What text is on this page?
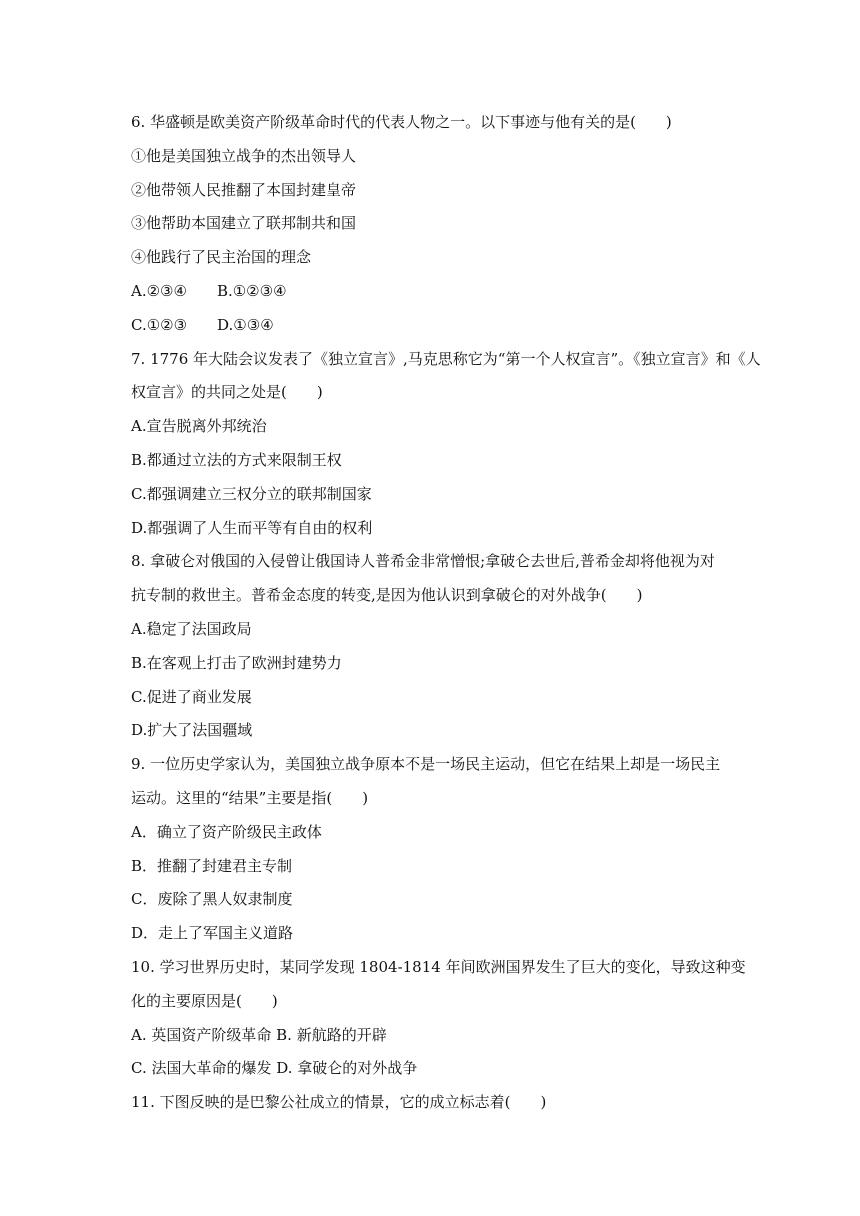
6. 华盛顿是欧美资产阶级革命时代的代表人物之一。以下事迹与他有关的是(　　)
①他是美国独立战争的杰出领导人
②他带领人民推翻了本国封建皇帝
③他帮助本国建立了联邦制共和国
④他践行了民主治国的理念
A.②③④　　B.①②③④
C.①②③　　D.①③④
7. 1776 年大陆会议发表了《独立宣言》,马克思称它为“第一个人权宣言”。《独立宣言》和《人
权宣言》的共同之处是(　　)
A.宣告脱离外邦统治
B.都通过立法的方式来限制王权
C.都强调建立三权分立的联邦制国家
D.都强调了人生而平等有自由的权利
8. 拿破仑对俄国的入侵曾让俄国诗人普希金非常憎恨;拿破仑去世后,普希金却将他视为对
抗专制的救世主。普希金态度的转变,是因为他认识到拿破仑的对外战争(　　)
A.稳定了法国政局
B.在客观上打击了欧洲封建势力
C.促进了商业发展
D.扩大了法国疆域
9. 一位历史学家认为，美国独立战争原本不是一场民主运动，但它在结果上却是一场民主
运动。这里的“结果”主要是指(　　)
A．确立了资产阶级民主政体
B．推翻了封建君主专制
C．废除了黑人奴隶制度
D．走上了军国主义道路
10. 学习世界历史时，某同学发现 1804-1814 年间欧洲国界发生了巨大的变化，导致这种变
化的主要原因是(　　)
A. 英国资产阶级革命 B. 新航路的开辟
C. 法国大革命的爆发 D. 拿破仑的对外战争
11. 下图反映的是巴黎公社成立的情景，它的成立标志着(　　)
